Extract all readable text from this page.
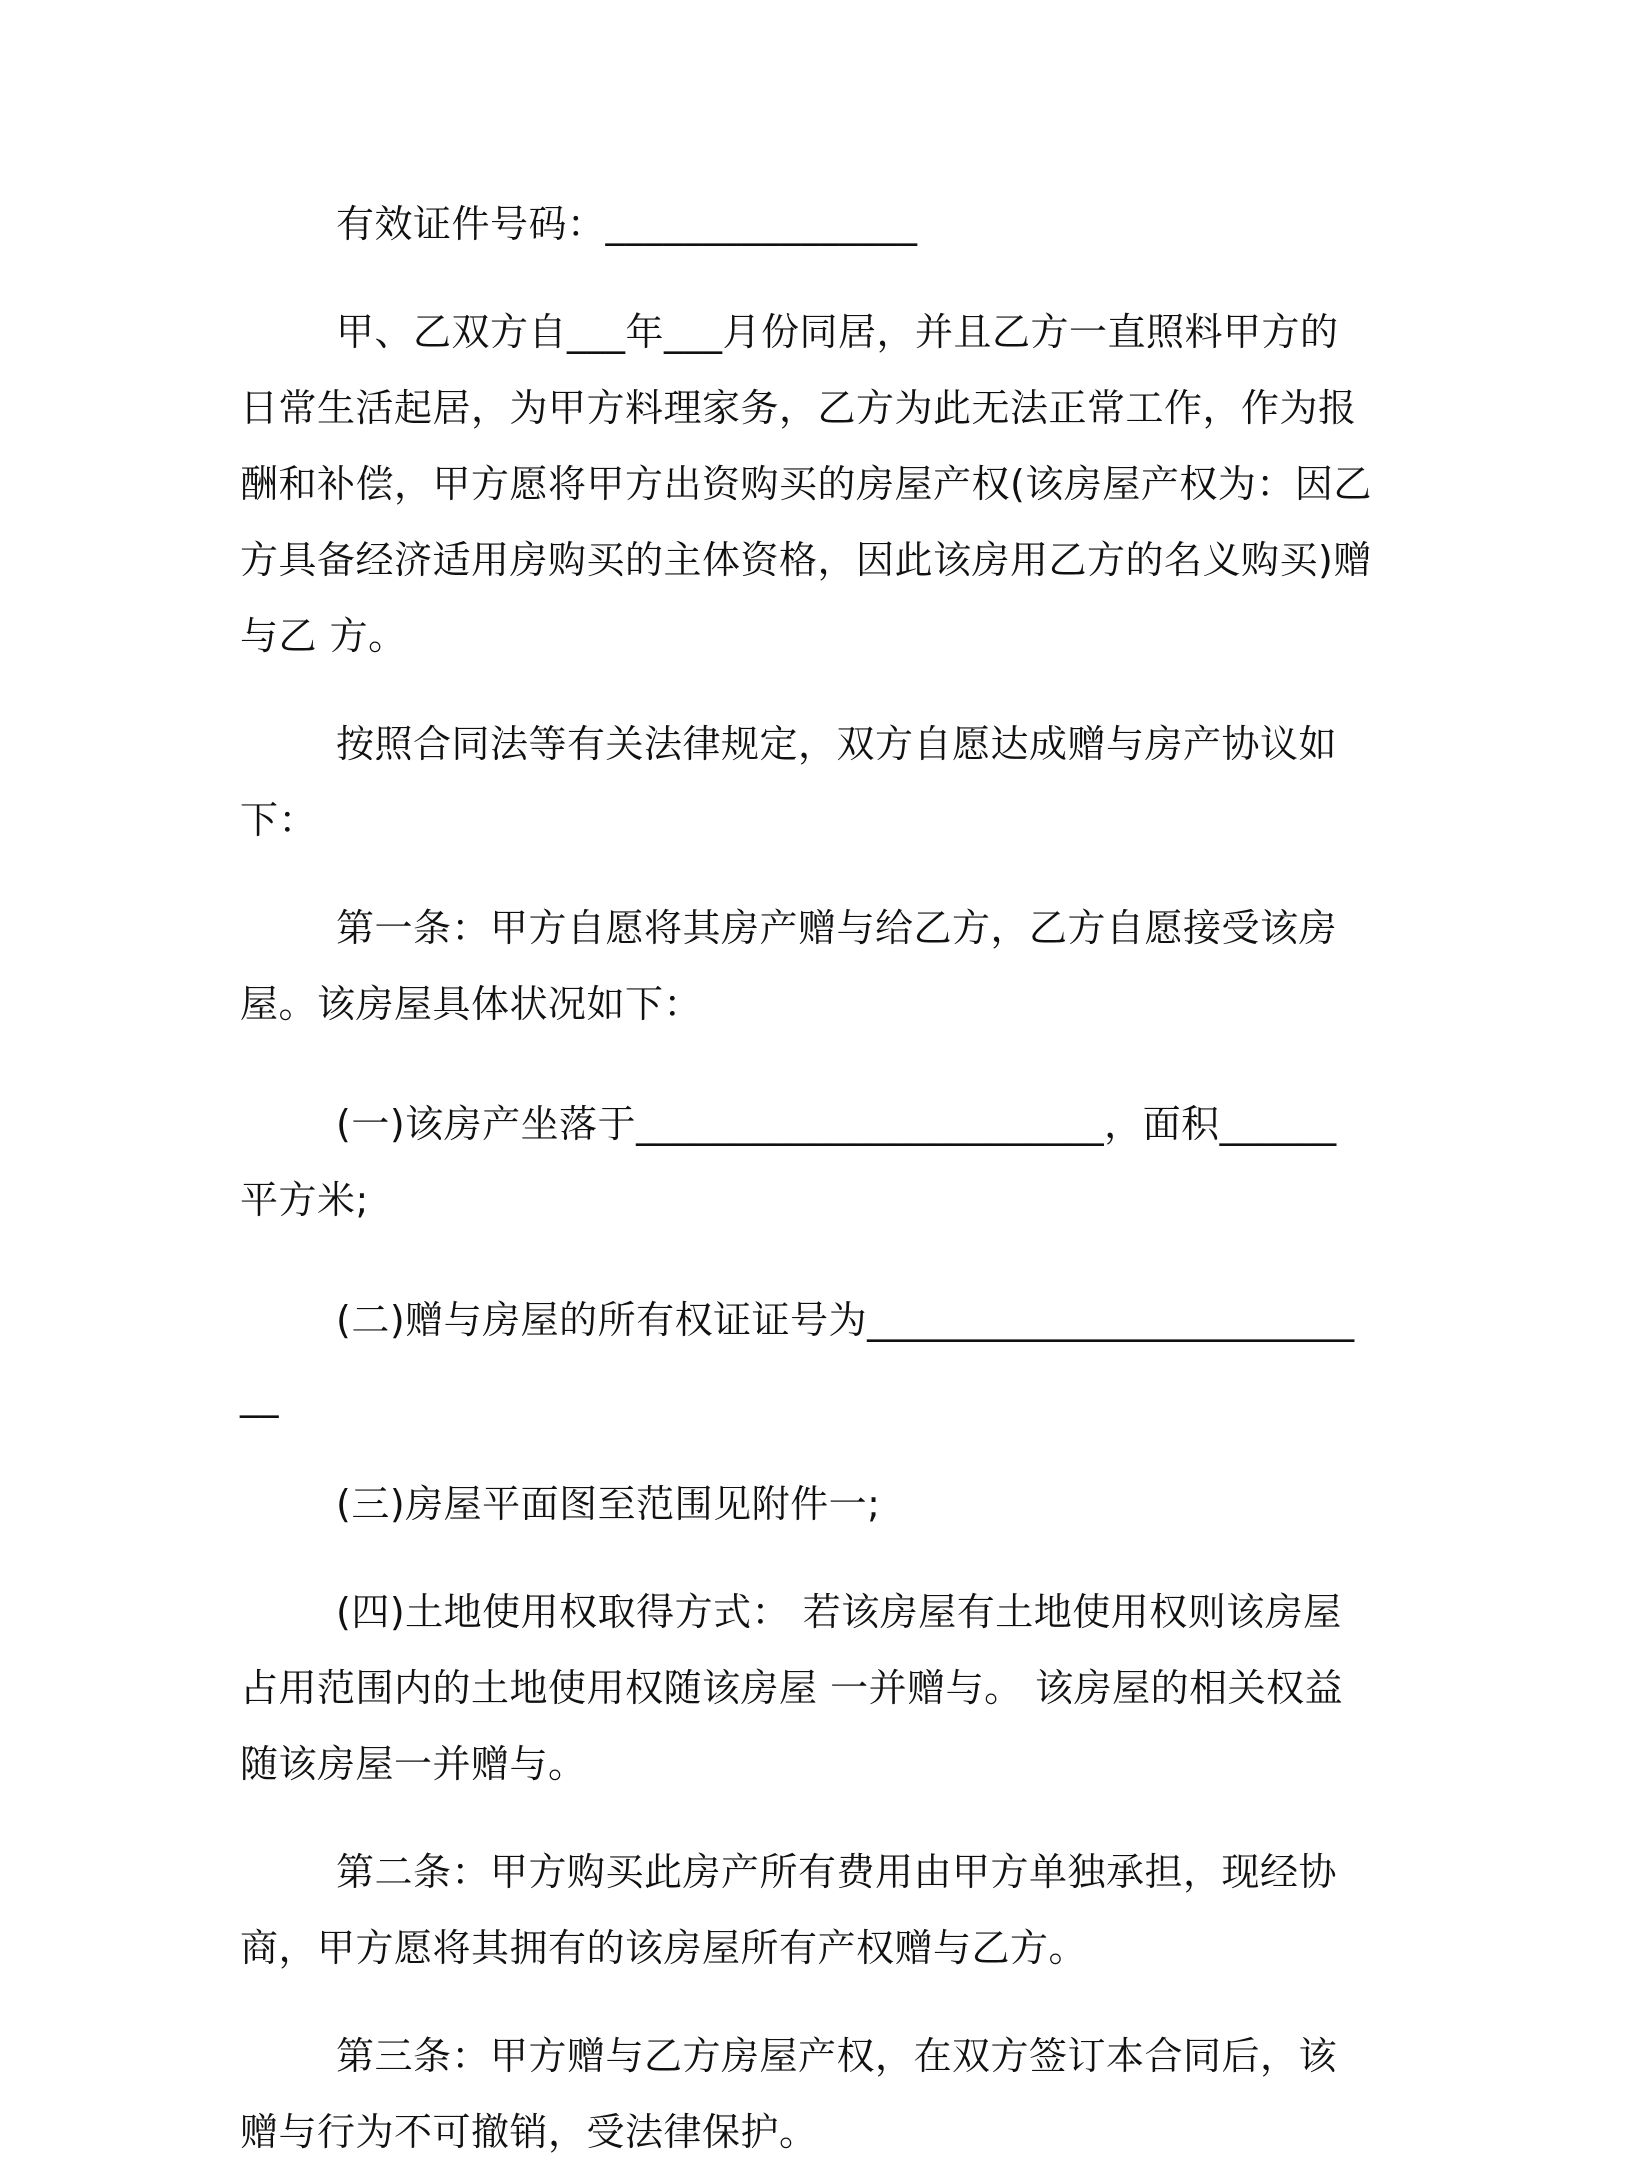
有效证件号码：________________

甲、乙双方自___年___月份同居，并且乙方一直照料甲方的日常生活起居，为甲方料理家务，乙方为此无法正常工作，作为报酬和补偿，甲方愿将甲方出资购买的房屋产权(该房屋产权为：因乙方具备经济适用房购买的主体资格，因此该房用乙方的名义购买)赠与乙 方。

按照合同法等有关法律规定，双方自愿达成赠与房产协议如下：

第一条：甲方自愿将其房产赠与给乙方，乙方自愿接受该房屋。该房屋具体状况如下：

(一)该房产坐落于________________________，面积______平方米;

(二)赠与房屋的所有权证证号为___________________________

(三)房屋平面图至范围见附件一;

(四)土地使用权取得方式： 若该房屋有土地使用权则该房屋占用范围内的土地使用权随该房屋 一并赠与。 该房屋的相关权益随该房屋一并赠与。

第二条：甲方购买此房产所有费用由甲方单独承担，现经协商，甲方愿将其拥有的该房屋所有产权赠与乙方。

第三条：甲方赠与乙方房屋产权，在双方签订本合同后，该赠与行为不可撤销，受法律保护。
